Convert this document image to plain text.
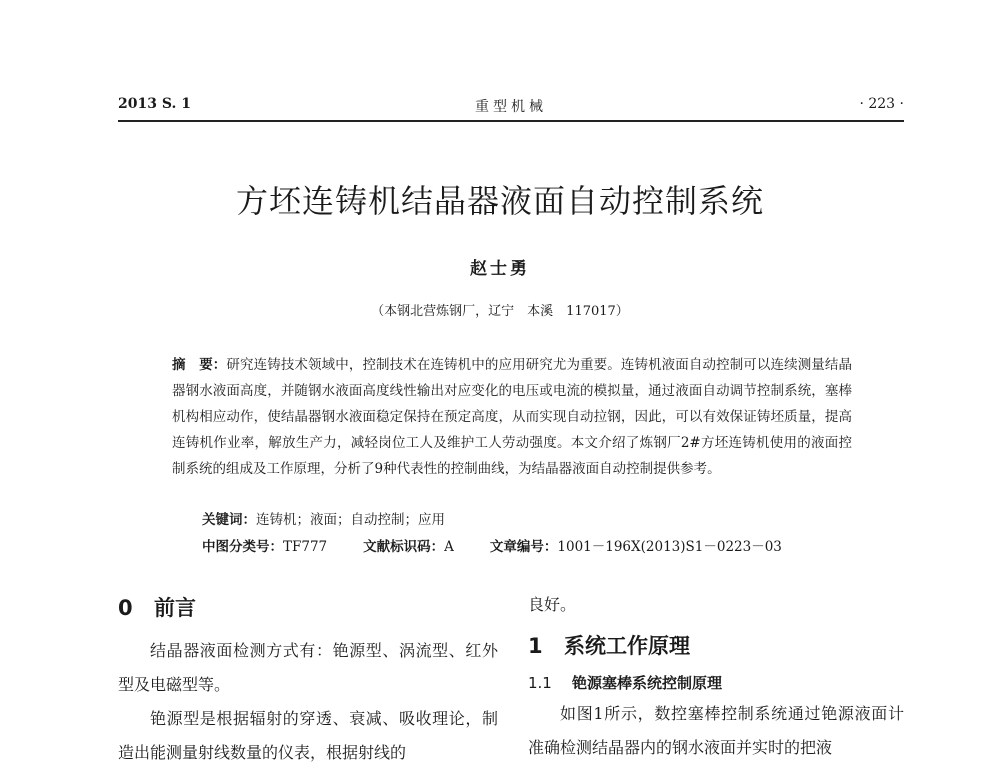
2013 S. 1	重型机械	· 223 ·
方坯连铸机结晶器液面自动控制系统
赵士勇
（本钢北营炼钢厂，辽宁　本溪　117017）
摘　要：研究连铸技术领域中，控制技术在连铸机中的应用研究尤为重要。连铸机液面自动控制可以连续测量结晶器钢水液面高度，并随钢水液面高度线性输出对应变化的电压或电流的模拟量，通过液面自动调节控制系统，塞棒机构相应动作，使结晶器钢水液面稳定保持在预定高度，从而实现自动拉钢，因此，可以有效保证铸坯质量，提高连铸机作业率，解放生产力，减轻岗位工人及维护工人劳动强度。本文介绍了炼钢厂2#方坯连铸机使用的液面控制系统的组成及工作原理，分析了9种代表性的控制曲线，为结晶器液面自动控制提供参考。
关键词：连铸机；液面；自动控制；应用
中图分类号：TF777	文献标识码：A	文章编号：1001－196X(2013)S1－0223－03
0 前言

结晶器液面检测方式有：铯源型、涡流型、红外型及电磁型等。

铯源型是根据辐射的穿透、衰减、吸收理论，制造出能测量射线数量的仪表，根据射线的

良好。

1 系统工作原理
1.1 铯源塞棒系统控制原理

如图1所示，数控塞棒控制系统通过铯源液面计准确检测结晶器内的钢水液面并实时的把液
